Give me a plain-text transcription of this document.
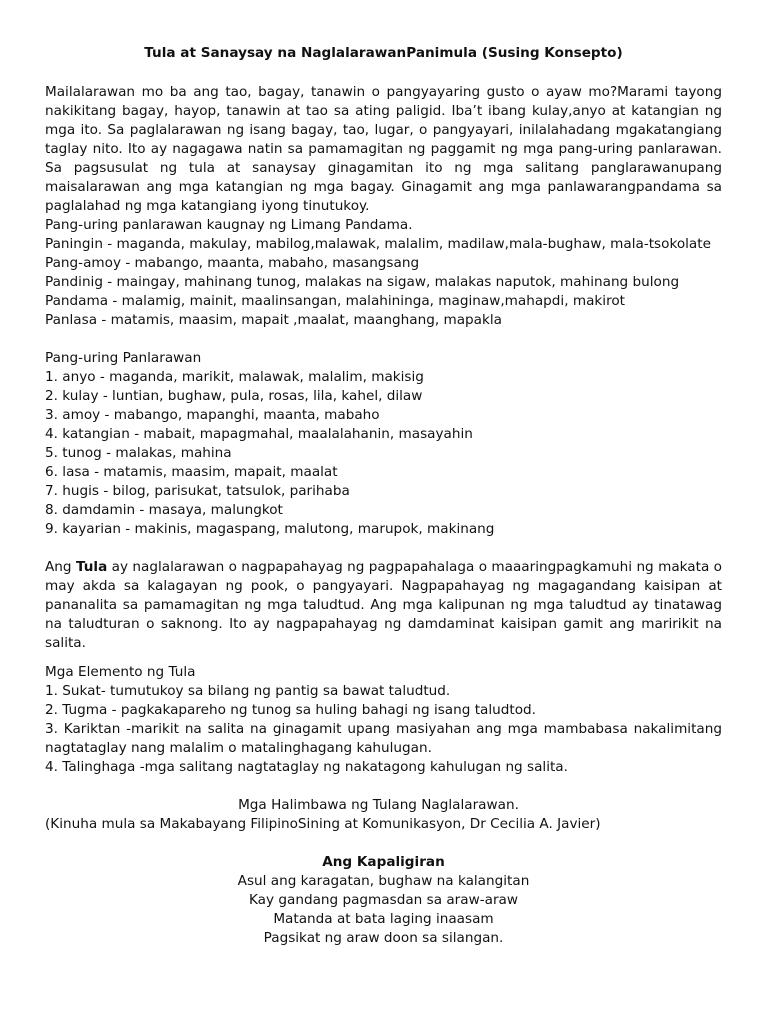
Tula at Sanaysay na NaglalarawanPanimula (Susing Konsepto)

Mailalarawan mo ba ang tao, bagay, tanawin o pangyayaring gusto o ayaw mo?Marami tayong nakikitang bagay, hayop, tanawin at tao sa ating paligid. Iba’t ibang kulay,anyo at katangian ng mga ito. Sa paglalarawan ng isang bagay, tao, lugar, o pangyayari, inilalahadang mgakatangiang taglay nito. Ito ay nagagawa natin sa pamamagitan ng paggamit ng mga pang-uring panlarawan. Sa pagsusulat ng tula at sanaysay ginagamitan ito ng mga salitang panglarawanupang maisalarawan ang mga katangian ng mga bagay. Ginagamit ang mga panlawarangpandama sa paglalahad ng mga katangiang iyong tinutukoy.

Pang-uring panlarawan kaugnay ng Limang Pandama.

Paningin - maganda, makulay, mabilog,malawak, malalim, madilaw,mala-bughaw, mala-tsokolate

Pang-amoy - mabango, maanta, mabaho, masangsang

Pandinig - maingay, mahinang tunog, malakas na sigaw, malakas naputok, mahinang bulong

Pandama - malamig, mainit, maalinsangan, malahininga, maginaw,mahapdi, makirot

Panlasa - matamis, maasim, mapait ,maalat, maanghang, mapakla

Pang-uring Panlarawan

1. anyo - maganda, marikit, malawak, malalim, makisig

2. kulay - luntian, bughaw, pula, rosas, lila, kahel, dilaw

3. amoy - mabango, mapanghi, maanta, mabaho

4. katangian - mabait, mapagmahal, maalalahanin, masayahin

5. tunog - malakas, mahina

6. lasa - matamis, maasim, mapait, maalat

7. hugis - bilog, parisukat, tatsulok, parihaba

8. damdamin - masaya, malungkot

9. kayarian - makinis, magaspang, malutong, marupok, makinang

Ang Tula ay naglalarawan o nagpapahayag ng pagpapahalaga o maaaringpagkamuhi ng makata o may akda sa kalagayan ng pook, o pangyayari. Nagpapahayag ng magagandang kaisipan at pananalita sa pamamagitan ng mga taludtud. Ang mga kalipunan ng mga taludtud ay tinatawag na taludturan o saknong. Ito ay nagpapahayag ng damdaminat kaisipan gamit ang maririkit na salita.

Mga Elemento ng Tula

1. Sukat- tumutukoy sa bilang ng pantig sa bawat taludtud.

2. Tugma - pagkakapareho ng tunog sa huling bahagi ng isang taludtod.

3. Kariktan -marikit na salita na ginagamit upang masiyahan ang mga mambabasa nakalimitang nagtataglay nang malalim o matalinghagang kahulugan.

4. Talinghaga -mga salitang nagtataglay ng nakatagong kahulugan ng salita.

Mga Halimbawa ng Tulang Naglalarawan.

(Kinuha mula sa Makabayang FilipinoSining at Komunikasyon, Dr Cecilia A. Javier)

Ang Kapaligiran

Asul ang karagatan, bughaw na kalangitan

Kay gandang pagmasdan sa araw-araw

Matanda at bata laging inaasam

Pagsikat ng araw doon sa silangan.
